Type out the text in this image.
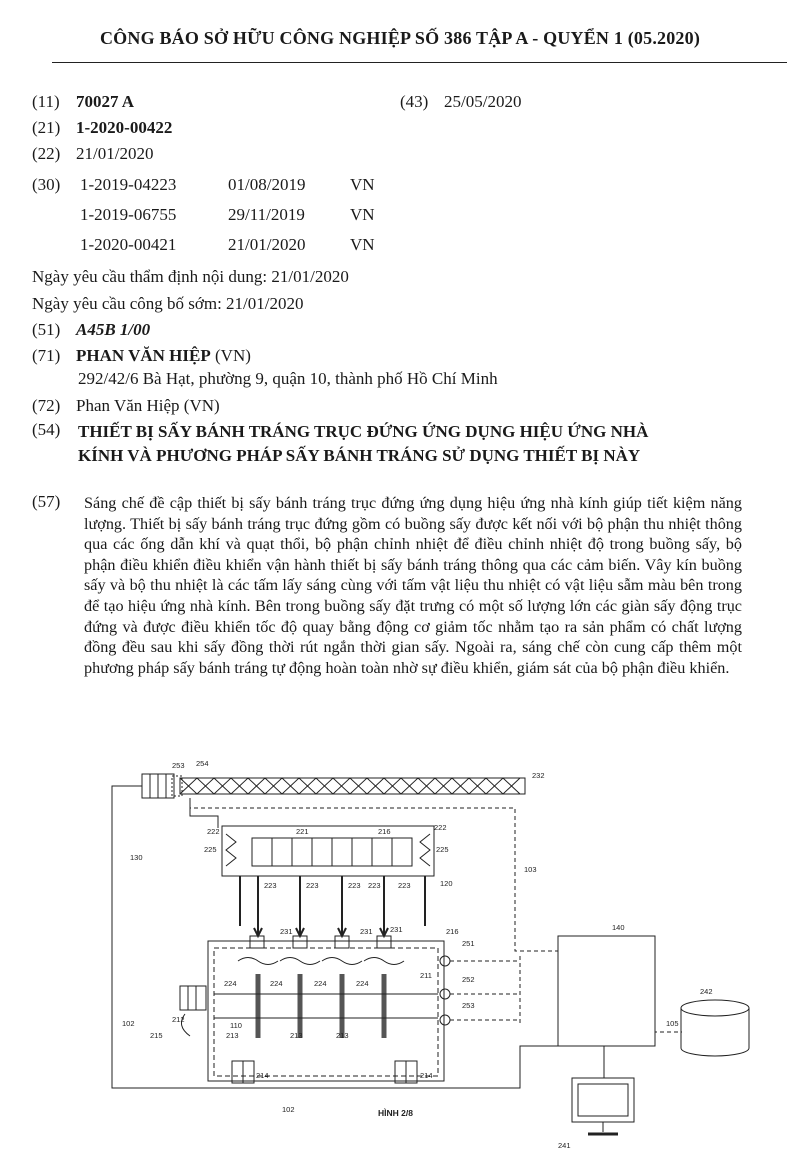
CÔNG BÁO SỞ HỮU CÔNG NGHIỆP SỐ 386 TẬP A - QUYỂN 1 (05.2020)
(11) 70027 A	(43) 25/05/2020
(21) 1-2020-00422
(22) 21/01/2020
(30) 1-2019-04223	01/08/2019	VN
1-2019-06755	29/11/2019	VN
1-2020-00421	21/01/2020	VN
Ngày yêu cầu thẩm định nội dung: 21/01/2020
Ngày yêu cầu công bố sớm: 21/01/2020
(51) A45B 1/00
(71) PHAN VĂN HIỆP (VN)
292/42/6 Bà Hạt, phường 9, quận 10, thành phố Hồ Chí Minh
(72) Phan Văn Hiệp (VN)
(54) THIẾT BỊ SẤY BÁNH TRÁNG TRỤC ĐỨNG ỨNG DỤNG HIỆU ỨNG NHÀ
KÍNH VÀ PHƯƠNG PHÁP SẤY BÁNH TRÁNG SỬ DỤNG THIẾT BỊ NÀY
(57) Sáng chế đề cập thiết bị sấy bánh tráng trục đứng ứng dụng hiệu ứng nhà kính giúp tiết kiệm năng lượng. Thiết bị sấy bánh tráng trục đứng gồm có buồng sấy được kết nối với bộ phận thu nhiệt thông qua các ống dẫn khí và quạt thổi, bộ phận chỉnh nhiệt để điều chỉnh nhiệt độ trong buồng sấy, bộ phận điều khiển điều khiển vận hành thiết bị sấy bánh tráng thông qua các cảm biến. Vây kín buồng sấy và bộ thu nhiệt là các tấm lấy sáng cùng với tấm vật liệu thu nhiệt có vật liệu sẫm màu bên trong để tạo hiệu ứng nhà kính. Bên trong buồng sấy đặt trưng có một số lượng lớn các giàn sấy động trục đứng và được điều khiển tốc độ quay bằng động cơ giảm tốc nhằm tạo ra sản phẩm có chất lượng đồng đều sau khi sấy đồng thời rút ngắn thời gian sấy. Ngoài ra, sáng chế còn cung cấp thêm một phương pháp sấy bánh tráng tự động hoàn toàn nhờ sự điều khiển, giám sát của bộ phận điều khiển.

253 254
232
130
103
222	221	216	222
225	225
120
223	223	223 223 223
231	231 231	216
251
252
253
211
224	224	224	224
102	212
215
110
213	213	213
214	214
102
140
242
105
241
HÌNH 2/8
